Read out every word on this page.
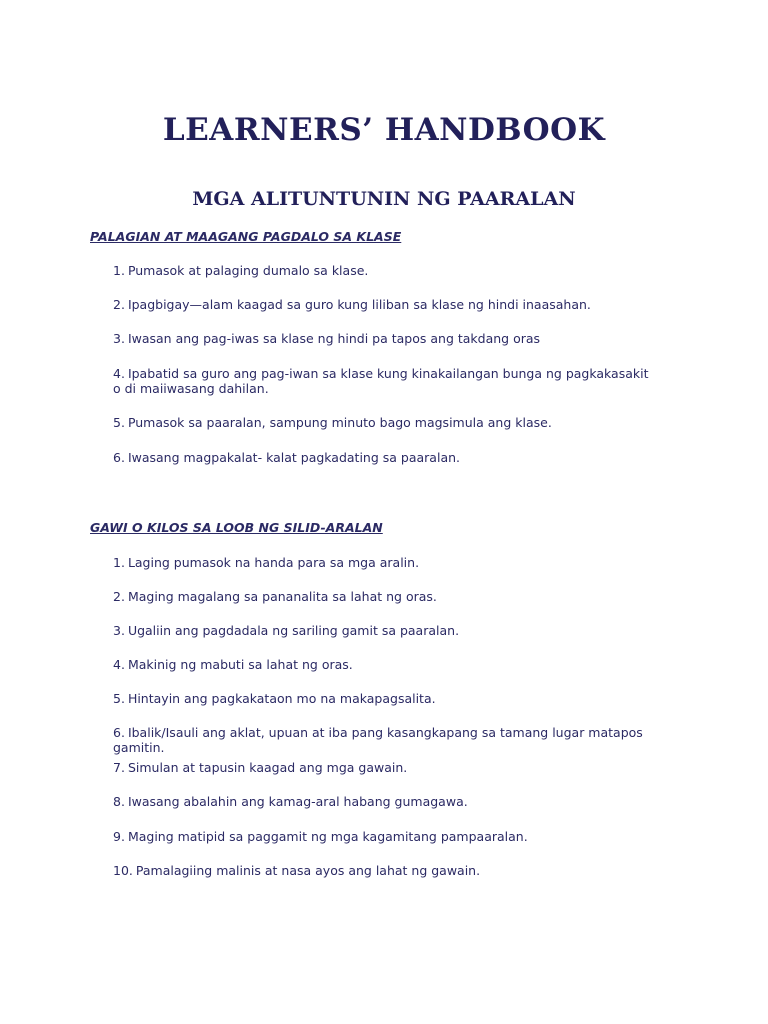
LEARNERS’ HANDBOOK
MGA ALITUNTUNIN NG PAARALAN
PALAGIAN AT MAAGANG PAGDALO SA KLASE
1. Pumasok at palaging dumalo sa klase.
2. Ipagbigay—alam kaagad sa guro kung liliban sa klase ng hindi inaasahan.
3. Iwasan ang pag-iwas sa klase ng hindi pa tapos ang takdang oras
4. Ipabatid sa guro ang pag-iwan sa klase kung kinakailangan bunga ng pagkakasakit o di maiiwasang dahilan.
5. Pumasok sa paaralan, sampung minuto bago magsimula ang klase.
6. Iwasang magpakalat- kalat pagkadating sa paaralan.
GAWI O KILOS SA LOOB NG SILID-ARALAN
1. Laging pumasok na handa para sa mga aralin.
2. Maging magalang sa pananalita sa lahat ng oras.
3. Ugaliin ang pagdadala ng sariling gamit sa paaralan.
4. Makinig ng mabuti sa lahat ng oras.
5. Hintayin ang pagkakataon mo na makapagsalita.
6. Ibalik/Isauli ang aklat, upuan at iba pang kasangkapang sa tamang lugar matapos gamitin.
7. Simulan at tapusin kaagad ang mga gawain.
8. Iwasang abalahin ang kamag-aral habang gumagawa.
9. Maging matipid sa paggamit ng mga kagamitang pampaaralan.
10. Pamalagiing malinis at nasa ayos ang lahat ng gawain.
